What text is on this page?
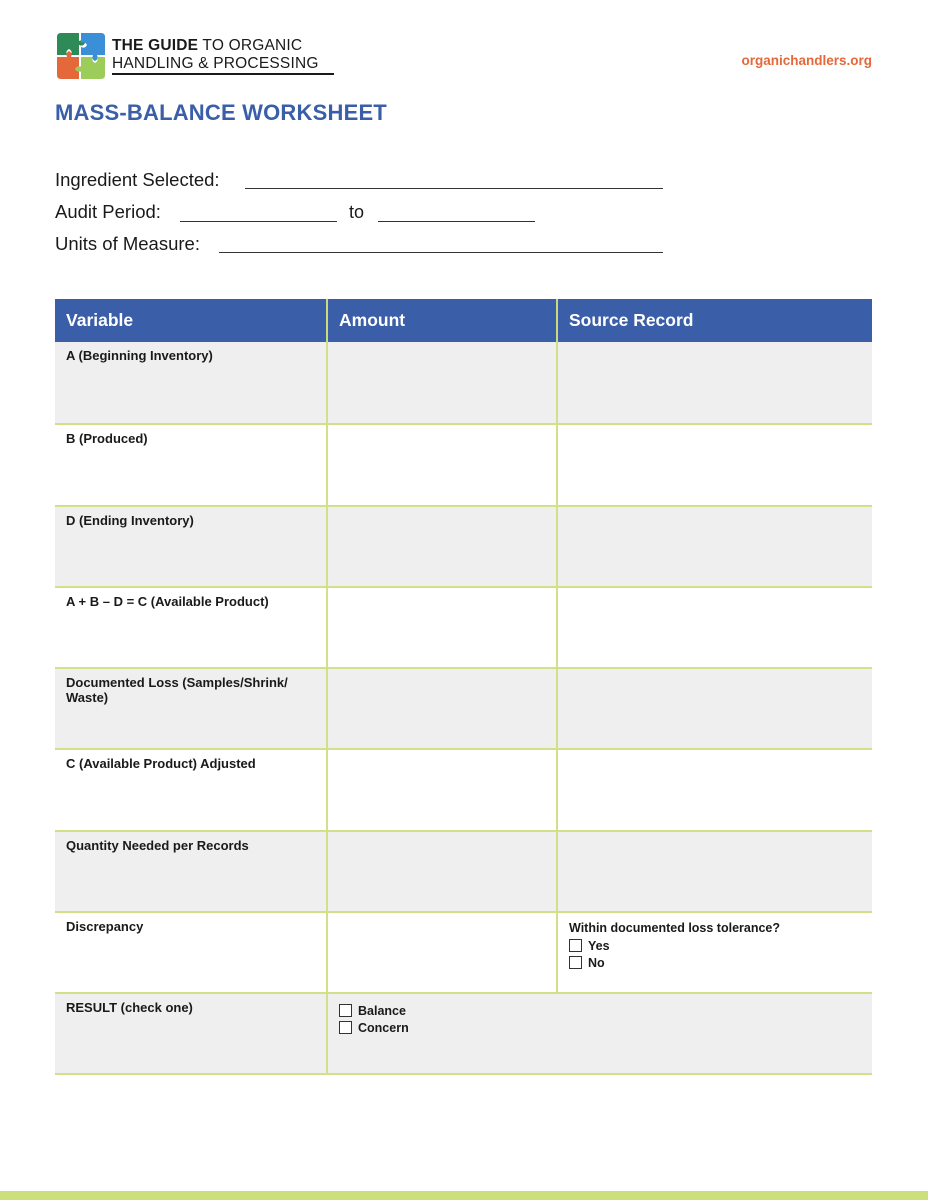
THE GUIDE TO ORGANIC
HANDLING & PROCESSING	organichandlers.org
MASS-BALANCE WORKSHEET
Ingredient Selected:
Audit Period:	to
Units of Measure:
Variable	Amount	Source Record
A (Beginning Inventory)		
B (Produced)		
D (Ending Inventory)		
A + B – D = C (Available Product)		
Documented Loss (Samples/Shrink/ Waste)		
C (Available Product) Adjusted		
Quantity Needed per Records		
Discrepancy		Within documented loss tolerance?
Yes
No

RESULT (check one)	Balance
Concern	
